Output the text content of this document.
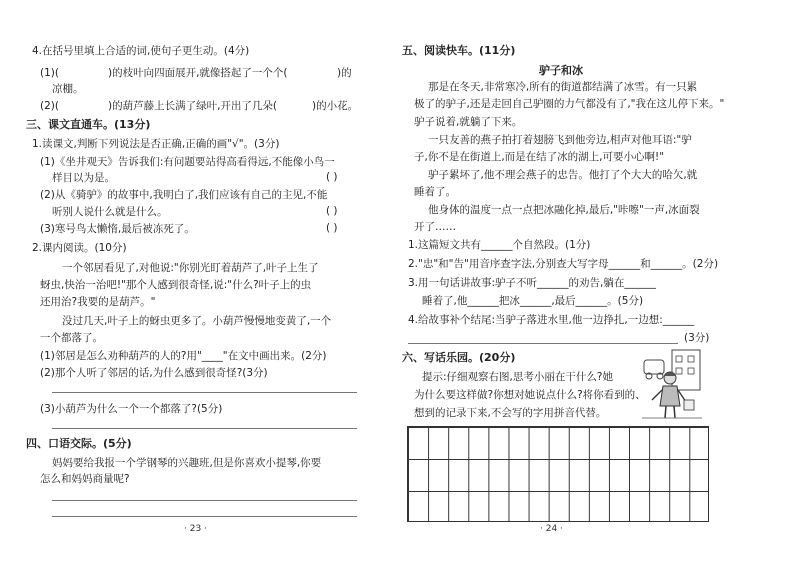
4.在括号里填上合适的词,使句子更生动。(4分)
(1)(	)的枝叶向四面展开,就像搭起了一个个(	)的
凉棚。
(2)(	)的葫芦藤上长满了绿叶,开出了几朵(	)的小花。
三、课文直通车。(13分)
1.读课文,判断下列说法是否正确,正确的画"√"。(3分)
(1)《坐井观天》告诉我们:有问题要站得高看得远,不能像小鸟一
样目以为是。	( )
(2)从《骑驴》的故事中,我明白了,我们应该有自己的主见,不能
听别人说什么就是什么。	( )
(3)寒号鸟太懒惰,最后被冻死了。	( )
2.课内阅读。(10分)
一个邻居看见了,对他说:"你别光盯着葫芦了,叶子上生了
蚜虫,快治一治吧!"那个人感到很奇怪,说:"什么?叶子上的虫
还用治?我要的是葫芦。"
没过几天,叶子上的蚜虫更多了。小葫芦慢慢地变黄了,一个
一个都落了。
(1)邻居是怎么劝种葫芦的人的?用"____"在文中画出来。(2分)
(2)那个人听了邻居的话,为什么感到很奇怪?(3分)
(3)小葫芦为什么一个一个都落了?(5分)
四、口语交际。(5分)
妈妈要给我报一个学钢琴的兴趣班,但是你喜欢小提琴,你要
怎么和妈妈商量呢?
· 23 ·
五、阅读快车。(11分)
驴子和冰
那是在冬天,非常寒冷,所有的街道都结满了冰雪。有一只累
极了的驴子,还是走回自己驴圈的力气都没有了,"我在这儿停下来。"
驴子说着,就躺了下来。
一只友善的燕子拍打着翅膀飞到他旁边,相声对他耳语:"驴
子,你不是在街道上,而是在结了冰的湖上,可要小心啊!"
驴子累坏了,他不理会燕子的忠告。他打了个大大的哈欠,就
睡着了。
他身体的温度一点一点把冰融化掉,最后,"咔嚓"一声,冰面裂
开了……
1.这篇短文共有______个自然段。(1分)
2."忠"和"告"用音序查字法,分别查大写字母______和______。(2分)
3.用一句话讲故事:驴子不听______的劝告,躺在______
睡着了,他______把冰______,最后______。(5分)
4.给故事补个结尾:当驴子落进水里,他一边挣扎,一边想:______
(3分)
六、写话乐园。(20分)
提示:仔细观察右图,思考小丽在干什么?她
为什么要这样做?你想对她说点什么?将你看到的、
想到的记录下来,不会写的字用拼音代替。
· 24 ·
